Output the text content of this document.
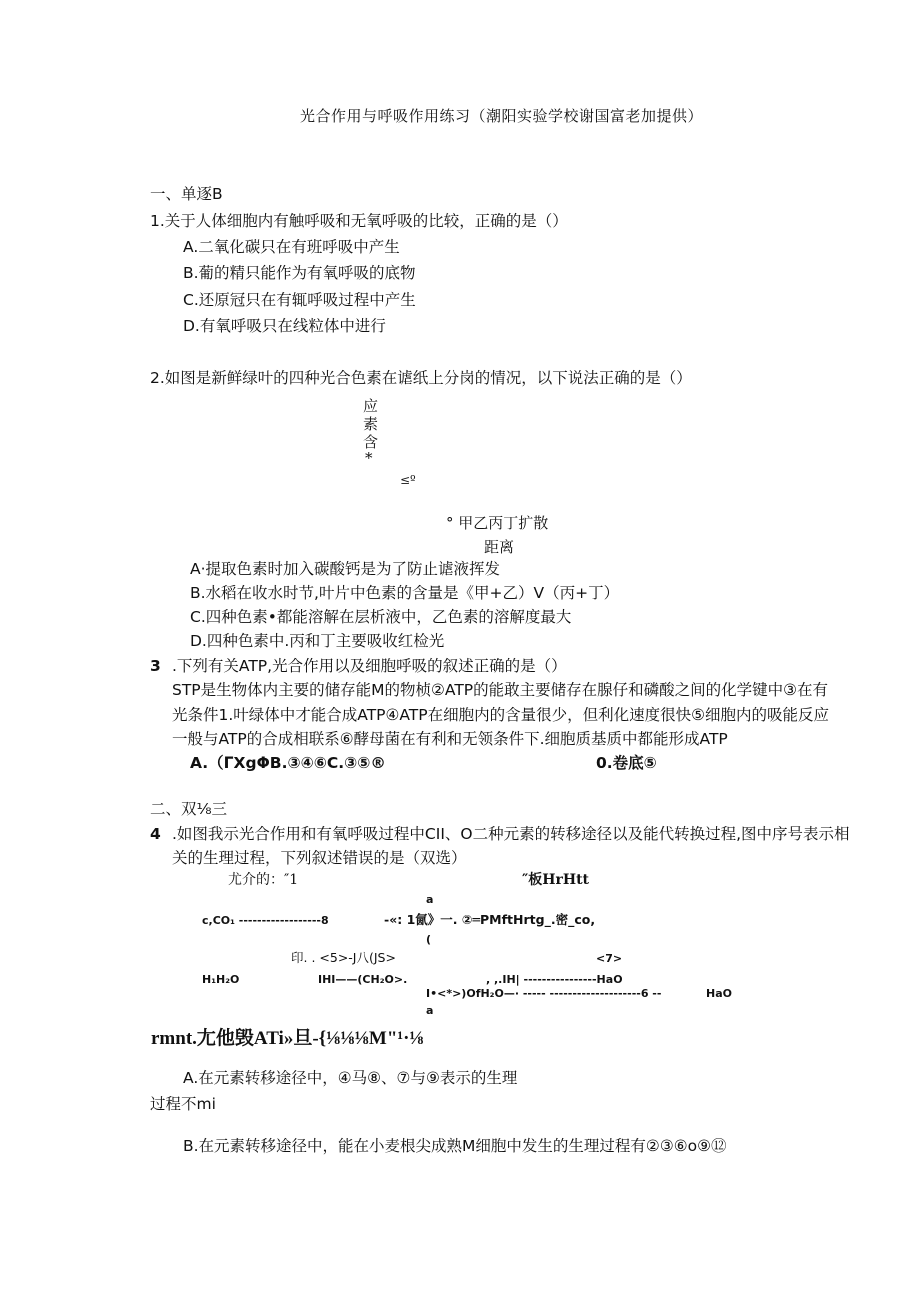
光合作用与呼吸作用练习（潮阳实验学校谢国富老加提供）
一、单逐B
1.关于人体细胞内有触呼吸和无氧呼吸的比较，正确的是（）
A.二氧化碳只在有班呼吸中产生
B.葡的精只能作为有氧呼吸的底物
C.还原冠只在有辄呼吸过程中产生
D.有氧呼吸只在线粒体中进行
2.如图是新鲜绿叶的四种光合色素在谑纸上分岗的情况，以下说法正确的是（）
应
素
含
*
≤º
° 甲乙丙丁扩散
距离
A·提取色素时加入碳酸钙是为了防止谑液挥发
B.水稻在收水时节,叶片中色素的含量是《甲+乙）V（丙+丁）
C.四种色素•都能溶解在层析液中，乙色素的溶解度最大
D.四种色素中.丙和丁主要吸收红检光
3 .下列有关ATP,光合作用以及细胞呼吸的叙述正确的是（）
STP是生物体内主要的储存能M的物桢②ATP的能敢主要储存在腺仔和磷酸之间的化学键中③在有
光条件1.叶绿体中才能合成ATP④ATP在细胞内的含量很少，但利化速度很快⑤细胞内的吸能反应
一般与ATP的合成相联系⑥酵母菌在有利和无领条件下.细胞质基质中都能形成ATP
A.（ΓXgΦB.③④⑥C.③⑤®	0.卷底⑤
二、双⅛三
4 .如图我示光合作用和有氧呼吸过程中CII、O二种元素的转移途径以及能代转换过程,图中序号表示相
关的生理过程，下列叙述错误的是（双选）
尤介的：″1	″板HrHtt
a
c,CO₁ ------------------8	-«: 1氤》一. ②═PMftHrtg_.密_co,
(
印. . <5>-J八(JS>	<7>
H₁H₂O	IHI——(CH₂O>.	, ,.IH| ----------------HaO
I•<*>)OfH₂O—· ----- --------------------6 --	HaO
a
rmnt.尢他毁ATi»旦-{⅛⅛⅛M"¹·⅛
A.在元素转移途径中，④马⑧、⑦与⑨表示的生理
过程不mi
B.在元素转移途径中，能在小麦根尖成熟M细胞中发生的生理过程有②③⑥o⑨⑫
